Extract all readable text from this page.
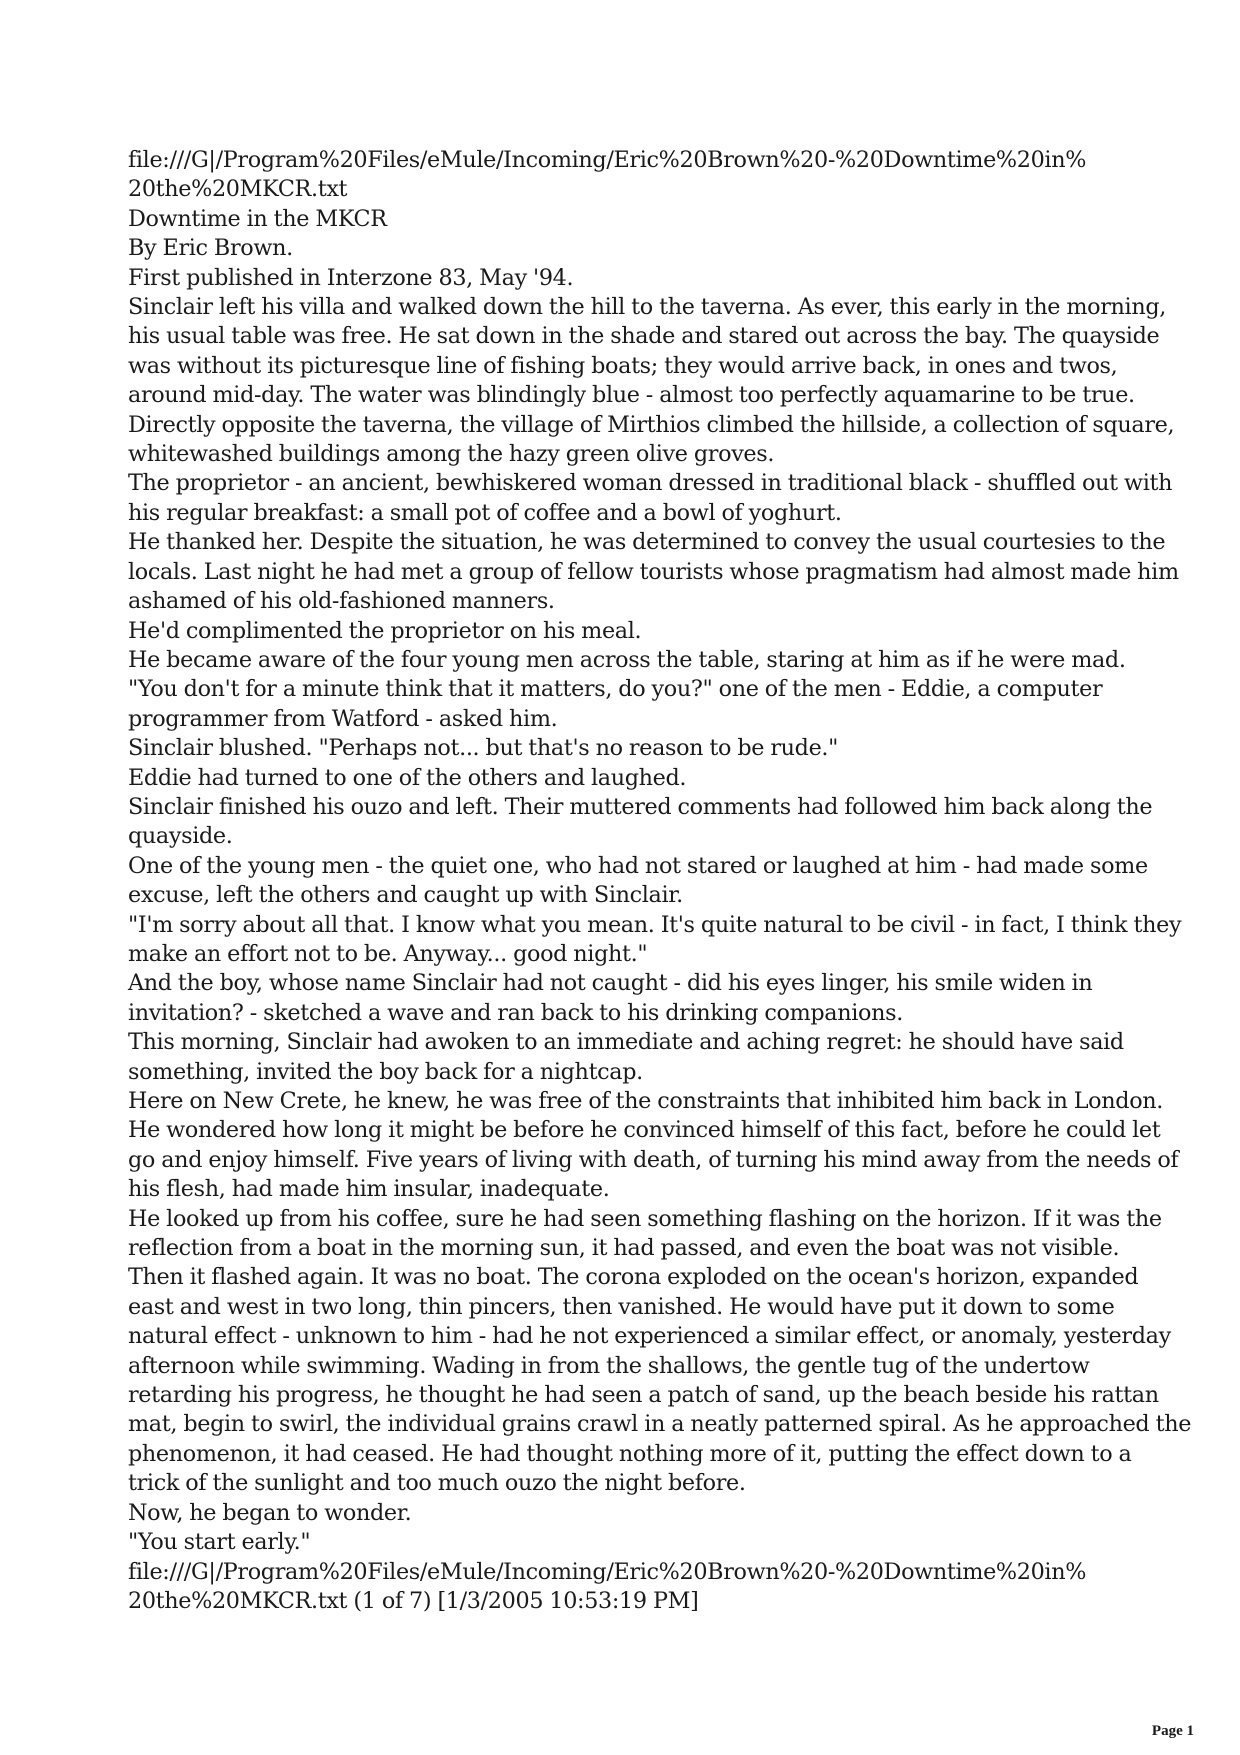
file:///G|/Program%20Files/eMule/Incoming/Eric%20Brown%20-%20Downtime%20in%
20the%20MKCR.txt
Downtime in the MKCR
By Eric Brown.
First published in Interzone 83, May '94.
Sinclair left his villa and walked down the hill to the taverna. As ever, this early in the morning,
his usual table was free. He sat down in the shade and stared out across the bay. The quayside
was without its picturesque line of fishing boats; they would arrive back, in ones and twos,
around mid-day. The water was blindingly blue - almost too perfectly aquamarine to be true.
Directly opposite the taverna, the village of Mirthios climbed the hillside, a collection of square,
whitewashed buildings among the hazy green olive groves.
The proprietor - an ancient, bewhiskered woman dressed in traditional black - shuffled out with
his regular breakfast: a small pot of coffee and a bowl of yoghurt.
He thanked her. Despite the situation, he was determined to convey the usual courtesies to the
locals. Last night he had met a group of fellow tourists whose pragmatism had almost made him
ashamed of his old-fashioned manners.
He'd complimented the proprietor on his meal.
He became aware of the four young men across the table, staring at him as if he were mad.
"You don't for a minute think that it matters, do you?" one of the men - Eddie, a computer
programmer from Watford - asked him.
Sinclair blushed. "Perhaps not... but that's no reason to be rude."
Eddie had turned to one of the others and laughed.
Sinclair finished his ouzo and left. Their muttered comments had followed him back along the
quayside.
One of the young men - the quiet one, who had not stared or laughed at him - had made some
excuse, left the others and caught up with Sinclair.
"I'm sorry about all that. I know what you mean. It's quite natural to be civil - in fact, I think they
make an effort not to be. Anyway... good night."
And the boy, whose name Sinclair had not caught - did his eyes linger, his smile widen in
invitation? - sketched a wave and ran back to his drinking companions.
This morning, Sinclair had awoken to an immediate and aching regret: he should have said
something, invited the boy back for a nightcap.
Here on New Crete, he knew, he was free of the constraints that inhibited him back in London.
He wondered how long it might be before he convinced himself of this fact, before he could let
go and enjoy himself. Five years of living with death, of turning his mind away from the needs of
his flesh, had made him insular, inadequate.
He looked up from his coffee, sure he had seen something flashing on the horizon. If it was the
reflection from a boat in the morning sun, it had passed, and even the boat was not visible.
Then it flashed again. It was no boat. The corona exploded on the ocean's horizon, expanded
east and west in two long, thin pincers, then vanished. He would have put it down to some
natural effect - unknown to him - had he not experienced a similar effect, or anomaly, yesterday
afternoon while swimming. Wading in from the shallows, the gentle tug of the undertow
retarding his progress, he thought he had seen a patch of sand, up the beach beside his rattan
mat, begin to swirl, the individual grains crawl in a neatly patterned spiral. As he approached the
phenomenon, it had ceased. He had thought nothing more of it, putting the effect down to a
trick of the sunlight and too much ouzo the night before.
Now, he began to wonder.
"You start early."
file:///G|/Program%20Files/eMule/Incoming/Eric%20Brown%20-%20Downtime%20in%
20the%20MKCR.txt (1 of 7) [1/3/2005 10:53:19 PM]
Page 1
